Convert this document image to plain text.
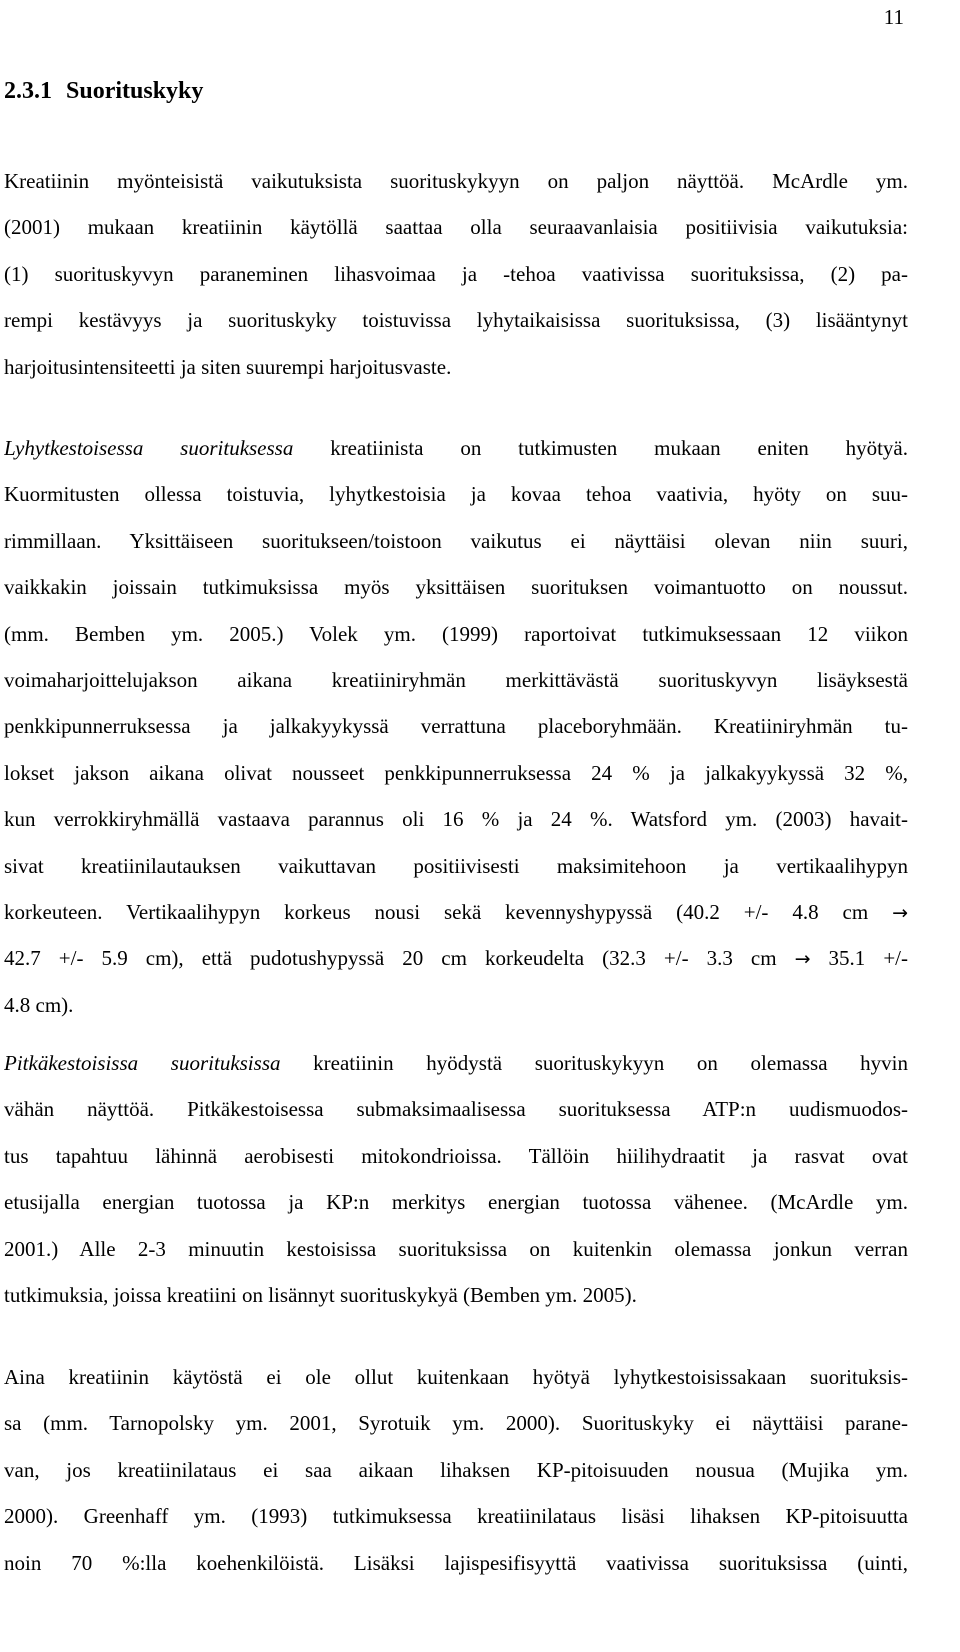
11
2.3.1 Suorituskyky
Kreatiinin myönteisistä vaikutuksista suorituskykyyn on paljon näyttöä. McArdle ym.
(2001) mukaan kreatiinin käytöllä saattaa olla seuraavanlaisia positiivisia vaikutuksia:
(1) suorituskyvyn paraneminen lihasvoimaa ja -tehoa vaativissa suorituksissa, (2) pa-
rempi kestävyys ja suorituskyky toistuvissa lyhytaikaisissa suorituksissa, (3) lisääntynyt
harjoitusintensiteetti ja siten suurempi harjoitusvaste.
Lyhytkestoisessa suorituksessa kreatiinista on tutkimusten mukaan eniten hyötyä.
Kuormitusten ollessa toistuvia, lyhytkestoisia ja kovaa tehoa vaativia, hyöty on suu-
rimmillaan. Yksittäiseen suoritukseen/toistoon vaikutus ei näyttäisi olevan niin suuri,
vaikkakin joissain tutkimuksissa myös yksittäisen suorituksen voimantuotto on noussut.
(mm. Bemben ym. 2005.) Volek ym. (1999) raportoivat tutkimuksessaan 12 viikon
voimaharjoittelujakson aikana kreatiiniryhmän merkittävästä suorituskyvyn lisäyksestä
penkkipunnerruksessa ja jalkakyykyssä verrattuna placeboryhmään. Kreatiiniryhmän tu-
lokset jakson aikana olivat nousseet penkkipunnerruksessa 24 % ja jalkakyykyssä 32 %,
kun verrokkiryhmällä vastaava parannus oli 16 % ja 24 %. Watsford ym. (2003) havait-
sivat kreatiinilautauksen vaikuttavan positiivisesti maksimitehoon ja vertikaalihypyn
korkeuteen. Vertikaalihypyn korkeus nousi sekä kevennyshypyssä (40.2 +/- 4.8 cm →
42.7 +/- 5.9 cm), että pudotushypyssä 20 cm korkeudelta (32.3 +/- 3.3 cm → 35.1 +/-
4.8 cm).
Pitkäkestoisissa suorituksissa kreatiinin hyödystä suorituskykyyn on olemassa hyvin
vähän näyttöä. Pitkäkestoisessa submaksimaalisessa suorituksessa ATP:n uudismuodos-
tus tapahtuu lähinnä aerobisesti mitokondrioissa. Tällöin hiilihydraatit ja rasvat ovat
etusijalla energian tuotossa ja KP:n merkitys energian tuotossa vähenee. (McArdle ym.
2001.) Alle 2-3 minuutin kestoisissa suorituksissa on kuitenkin olemassa jonkun verran
tutkimuksia, joissa kreatiini on lisännyt suorituskykyä (Bemben ym. 2005).
Aina kreatiinin käytöstä ei ole ollut kuitenkaan hyötyä lyhytkestoisissakaan suorituksis-
sa (mm. Tarnopolsky ym. 2001, Syrotuik ym. 2000). Suorituskyky ei näyttäisi parane-
van, jos kreatiinilataus ei saa aikaan lihaksen KP-pitoisuuden nousua (Mujika ym.
2000). Greenhaff ym. (1993) tutkimuksessa kreatiinilataus lisäsi lihaksen KP-pitoisuutta
noin 70 %:lla koehenkilöistä. Lisäksi lajispesifisyyttä vaativissa suorituksissa (uinti,
